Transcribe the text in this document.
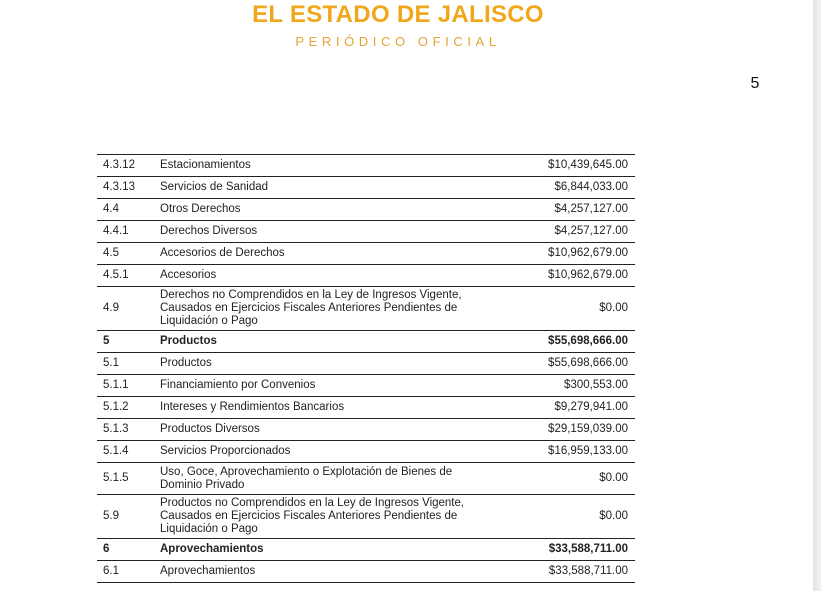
EL ESTADO DE JALISCO
PERIÓDICO OFICIAL
5
4.3.12	Estacionamientos	$10,439,645.00
4.3.13	Servicios de Sanidad	$6,844,033.00
4.4	Otros Derechos	$4,257,127.00
4.4.1	Derechos Diversos	$4,257,127.00
4.5	Accesorios de Derechos	$10,962,679.00
4.5.1	Accesorios	$10,962,679.00
4.9	Derechos no Comprendidos en la Ley de Ingresos Vigente,
Causados en Ejercicios Fiscales Anteriores Pendientes de
Liquidación o Pago	$0.00
5	Productos	$55,698,666.00
5.1	Productos	$55,698,666.00
5.1.1	Financiamiento por Convenios	$300,553.00
5.1.2	Intereses y Rendimientos Bancarios	$9,279,941.00
5.1.3	Productos Diversos	$29,159,039.00
5.1.4	Servicios Proporcionados	$16,959,133.00
5.1.5	Uso, Goce, Aprovechamiento o Explotación de Bienes de
Dominio Privado	$0.00
5.9	Productos no Comprendidos en la Ley de Ingresos Vigente,
Causados en Ejercicios Fiscales Anteriores Pendientes de
Liquidación o Pago	$0.00
6	Aprovechamientos	$33,588,711.00
6.1	Aprovechamientos	$33,588,711.00
